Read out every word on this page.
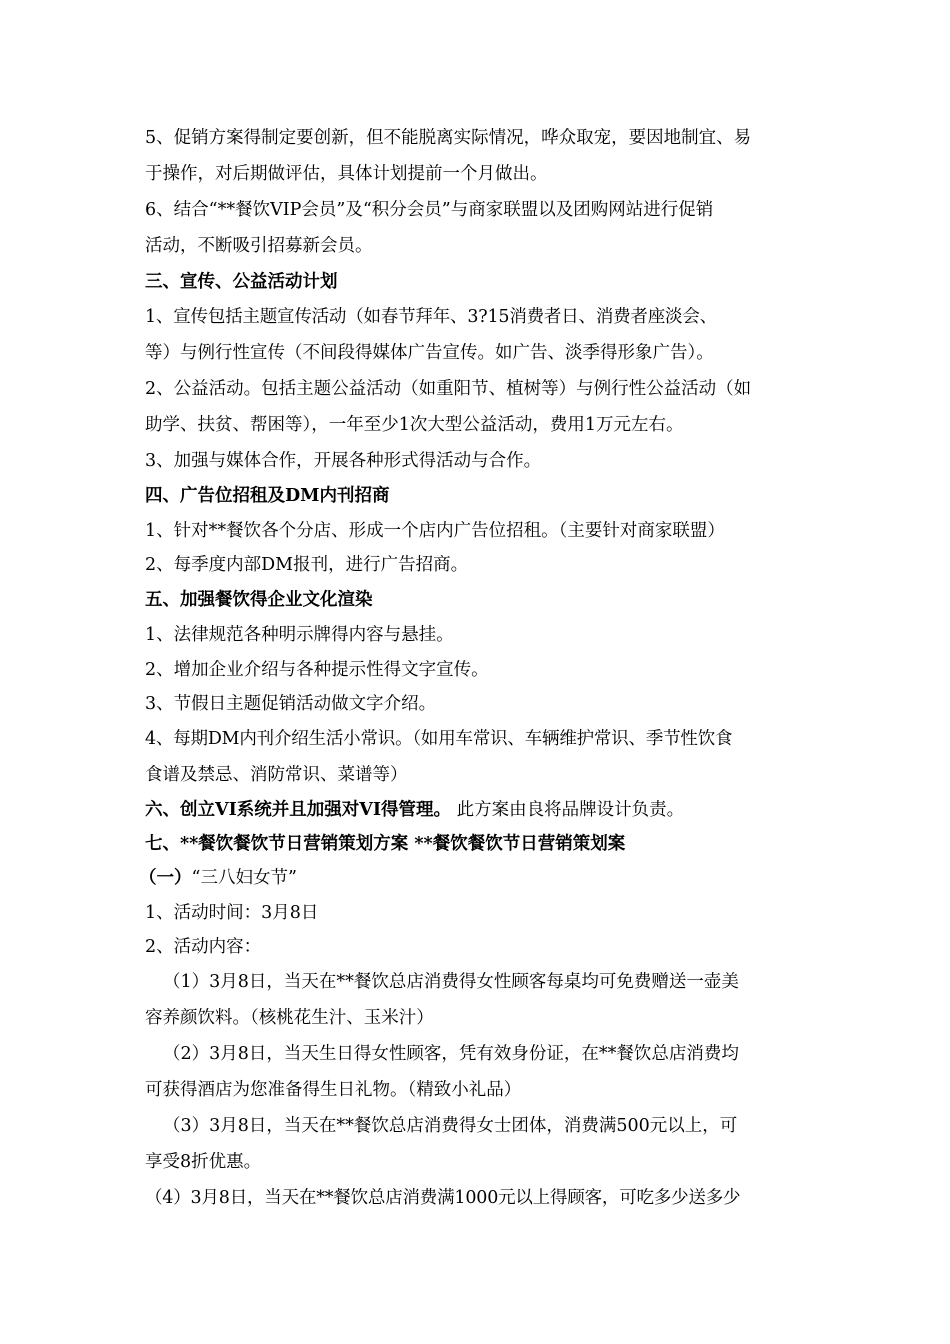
5、促销方案得制定要创新，但不能脱离实际情况，哗众取宠，要因地制宜、易
于操作，对后期做评估，具体计划提前一个月做出。
6、结合“**餐饮VIP会员”及“积分会员”与商家联盟以及团购网站进行促销
活动，不断吸引招募新会员。
三、宣传、公益活动计划
1、宣传包括主题宣传活动（如春节拜年、3?15消费者日、消费者座淡会、
等）与例行性宣传（不间段得媒体广告宣传。如广告、淡季得形象广告）。
2、公益活动。包括主题公益活动（如重阳节、植树等）与例行性公益活动（如
助学、扶贫、帮困等），一年至少1次大型公益活动，费用1万元左右。
3、加强与媒体合作，开展各种形式得活动与合作。
四、广告位招租及DM内刊招商
1、针对**餐饮各个分店、形成一个店内广告位招租。（主要针对商家联盟）
2、每季度内部DM报刊，进行广告招商。
五、加强餐饮得企业文化渲染
1、法律规范各种明示牌得内容与悬挂。
2、增加企业介绍与各种提示性得文字宣传。
3、节假日主题促销活动做文字介绍。
4、每期DM内刊介绍生活小常识。（如用车常识、车辆维护常识、季节性饮食
食谱及禁忌、消防常识、菜谱等）
六、创立VI系统并且加强对VI得管理。 此方案由良将品牌设计负责。
七、**餐饮餐饮节日营销策划方案 **餐饮餐饮节日营销策划案
（一）“三八妇女节”
1、活动时间：3月8日
2、活动内容：
（1）3月8日，当天在**餐饮总店消费得女性顾客每桌均可免费赠送一壶美
容养颜饮料。（核桃花生汁、玉米汁）
（2）3月8日，当天生日得女性顾客，凭有效身份证，在**餐饮总店消费均
可获得酒店为您准备得生日礼物。（精致小礼品）
（3）3月8日，当天在**餐饮总店消费得女士团体，消费满500元以上，可
享受8折优惠。
（4）3月8日，当天在**餐饮总店消费满1000元以上得顾客，可吃多少送多少
